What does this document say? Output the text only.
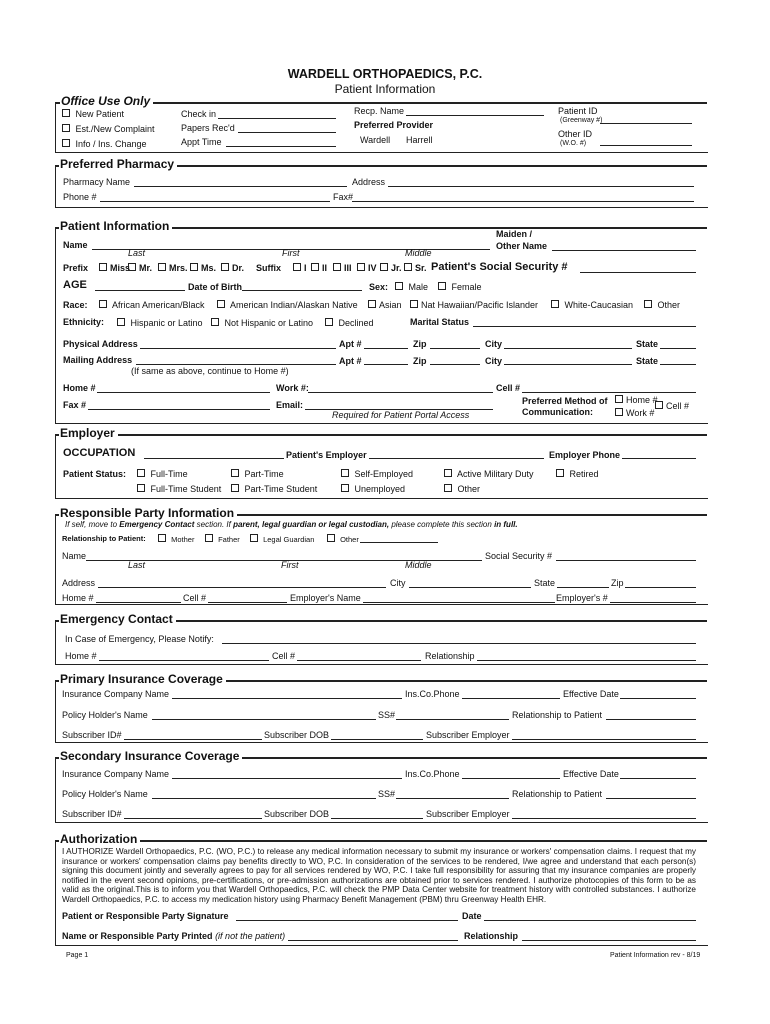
WARDELL ORTHOPAEDICS, P.C.
Patient Information
Office Use Only
New Patient
Est./New Complaint
Info / Ins. Change
Check in
Papers Rec'd
Appt Time
Recp. Name
Preferred Provider
Wardell Harrell
Patient ID
(Greenway #)
Other ID
(W.O. #)
Preferred Pharmacy
Pharmacy Name	Address
Phone #	Fax#
Patient Information
Name
Last	First	Middle
Maiden /
Other Name
Prefix	Miss Mr.	Mrs.	Ms.	Dr. Suffix	I	II	III	IV	Jr.	Sr. Patient's Social Security #
AGE	Date of Birth	Sex:	Male	Female
Race:	African American/Black	American Indian/Alaskan Native	Asian	Nat Hawaiian/Pacific Islander	White-Caucasian	Other
Ethnicity:	Hispanic or Latino	Not Hispanic or Latino	Declined	Marital Status
Physical Address	Apt #	Zip	City	State
Mailing Address	Apt #	Zip	City	State
(If same as above, continue to Home #)
Home #	Work #:	Cell #
Fax #	Email:
Required for Patient Portal Access
Preferred Method of
Communication:
Home #
Cell #
Work #
Employer
OCCUPATION	Patient's Employer	Employer Phone
Patient Status:	Full-Time	Part-Time	Self-Employed	Active Military Duty	Retired
Full-Time Student	Part-Time Student	Unemployed	Other
Responsible Party Information
If self, move to Emergency Contact section. If parent, legal guardian or legal custodian, please complete this section in full.
Relationship to Patient:	Mother	Father	Legal Guardian	Other
Name
Last	First	Middle
Social Security #
Address	City	State	Zip
Home #	Cell #	Employer's Name	Employer's #
Emergency Contact
In Case of Emergency, Please Notify:
Home #	Cell #	Relationship
Primary Insurance Coverage
Insurance Company Name	Ins.Co.Phone	Effective Date
Policy Holder's Name	SS#	Relationship to Patient
Subscriber ID#	Subscriber DOB	Subscriber Employer
Secondary Insurance Coverage
Insurance Company Name	Ins.Co.Phone	Effective Date
Policy Holder's Name	SS#	Relationship to Patient
Subscriber ID#	Subscriber DOB	Subscriber Employer
Authorization
I AUTHORIZE Wardell Orthopaedics, P.C. (WO, P.C.) to release any medical information necessary to submit my insurance or workers' compensation claims. I request that my insurance or workers' compensation claims pay benefits directly to WO, P.C. In consideration of the services to be rendered, I/we agree and understand that each person(s) signing this document jointly and severally agrees to pay for all services rendered by WO, P.C. I take full responsibility for assuring that my insurance companies are properly notified in the event second opinions, pre-certifications, or pre-admission authorizations are obtained prior to services rendered. I authorize photocopies of this form to be as valid as the original.This is to inform you that Wardell Orthopaedics, P.C. will check the PMP Data Center website for treatment history with controlled substances. I authorize Wardell Orthopaedics, P.C. to access my medication history using Pharmacy Benefit Management (PBM) thru Greenway Health EHR.
Patient or Responsible Party Signature	Date
Name or Responsible Party Printed (if not the patient)	Relationship
Page 1	Patient Information rev - 8/19
